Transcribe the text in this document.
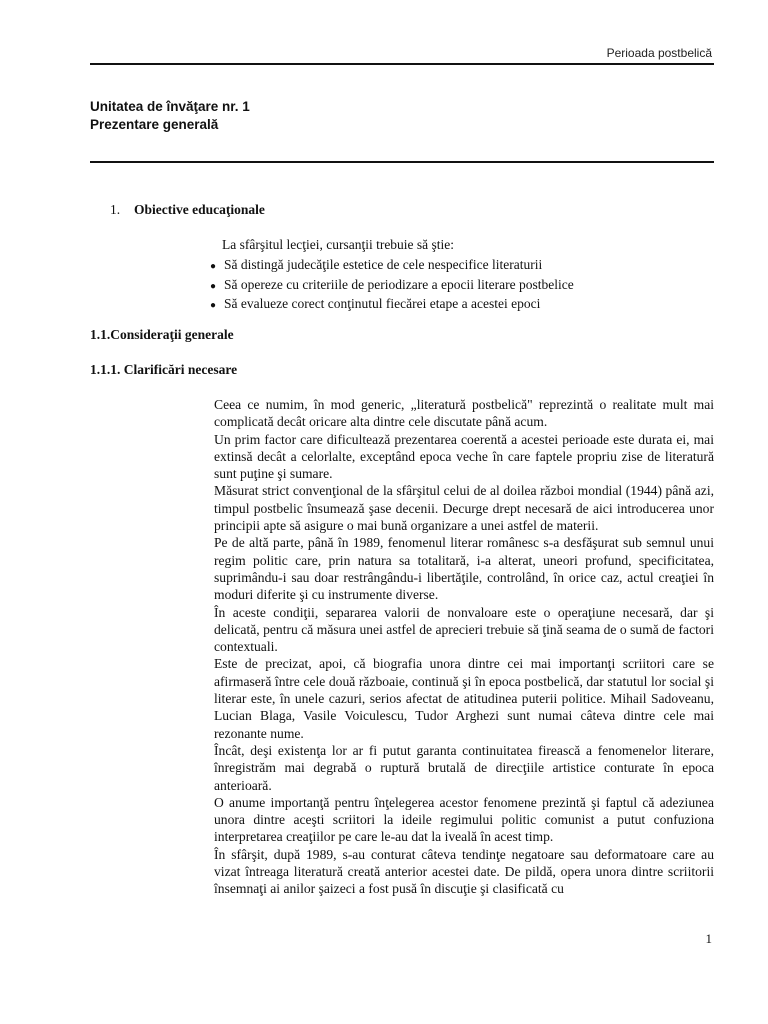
Perioada postbelică
Unitatea de învăţare nr. 1
Prezentare generală
1. Obiective educaţionale
La sfârşitul lecţiei, cursanţii trebuie să ştie:
● Să distingă judecăţile estetice de cele nespecifice literaturii
● Să opereze cu criteriile de periodizare a epocii literare postbelice
● Să evalueze corect conţinutul fiecărei etape a acestei epoci
1.1.Consideraţii generale
1.1.1. Clarificări necesare

Ceea ce numim, în mod generic, „literatură postbelică" reprezintă o realitate mult mai complicată decât oricare alta dintre cele discutate până acum.

Un prim factor care dificultează prezentarea coerentă a acestei perioade este durata ei, mai extinsă decât a celorlalte, exceptând epoca veche în care faptele propriu zise de literatură sunt puţine şi sumare.

Măsurat strict convenţional de la sfârşitul celui de al doilea război mondial (1944) până azi, timpul postbelic însumează şase decenii. Decurge drept necesară de aici introducerea unor principii apte să asigure o mai bună organizare a unei astfel de materii.

Pe de altă parte, până în 1989, fenomenul literar românesc s-a desfăşurat sub semnul unui regim politic care, prin natura sa totalitară, i-a alterat, uneori profund, specificitatea, suprimându-i sau doar restrângându-i libertăţile, controlând, în orice caz, actul creaţiei în moduri diferite şi cu instrumente diverse.

În aceste condiţii, separarea valorii de nonvaloare este o operaţiune necesară, dar şi delicată, pentru că măsura unei astfel de aprecieri trebuie să ţină seama de o sumă de factori contextuali.

Este de precizat, apoi, că biografia unora dintre cei mai importanţi scriitori care se afirmaseră între cele două războaie, continuă şi în epoca postbelică, dar statutul lor social şi literar este, în unele cazuri, serios afectat de atitudinea puterii politice. Mihail Sadoveanu, Lucian Blaga, Vasile Voiculescu, Tudor Arghezi sunt numai câteva dintre cele mai rezonante nume.

Încât, deşi existenţa lor ar fi putut garanta continuitatea firească a fenomenelor literare, înregistrăm mai degrabă o ruptură brutală de direcţiile artistice conturate în epoca anterioară.

O anume importanţă pentru înţelegerea acestor fenomene prezintă şi faptul că adeziunea unora dintre aceşti scriitori la ideile regimului politic comunist a putut confuziona interpretarea creaţiilor pe care le-au dat la iveală în acest timp.

În sfârşit, după 1989, s-au conturat câteva tendinţe negatoare sau deformatoare care au vizat întreaga literatură creată anterior acestei date. De pildă, opera unora dintre scriitorii însemnaţi ai anilor şaizeci a fost pusă în discuţie şi clasificată cu

1
